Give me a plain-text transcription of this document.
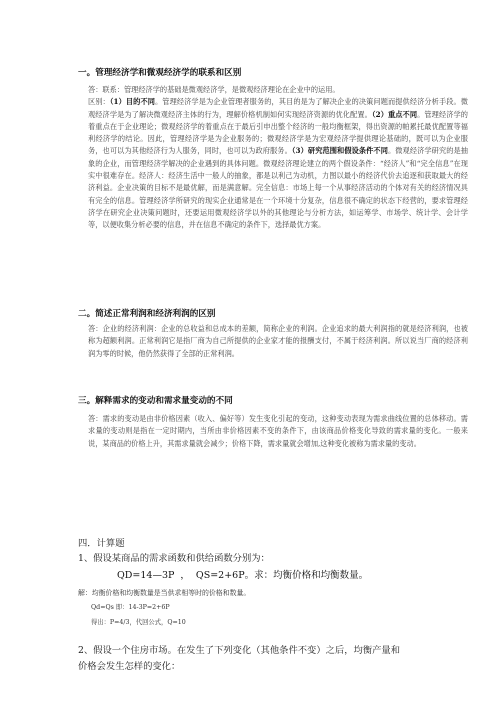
一。管理经济学和微观经济学的联系和区别
答：联系：管理经济学的基础是微观经济学，是微观经济理论在企业中的运用。
区别：（1）目的不同。管理经济学是为企业管理者服务的，其目的是为了解决企业的决策问题而提供经济分析手段。微观经济学是为了解决微观经济主体的行为，理解价格机制如何实现经济资源的优化配置。（2）重点不同。管理经济学的着重点在于企业理论；微观经济学的着重点在于最后引申出整个经济的一般均衡框架，得出资源的帕累托最优配置等福利经济学的结论。因此，管理经济学是为企业服务的；微观经济学是为宏观经济学提供理论基础的，既可以为企业服务，也可以为其他经济行为人服务，同时，也可以为政府服务。（3）研究范围和假设条件不同。微观经济学研究的是抽象的企业，而管理经济学解决的企业遇到的具体问题。微观经济理论建立的两个假设条件：“经济人”和“完全信息”在现实中很难存在。经济人：经济生活中一般人的抽象，都是以利己为动机，力图以最小的经济代价去追逐和获取最大的经济利益。企业决策的目标不是最优解，而是满意解。完全信息：市场上每一个从事经济活动的个体对有关的经济情况具有完全的信息。管理经济学所研究的现实企业通常是在一个环境十分复杂，信息很不确定的状态下经营的，要求管理经济学在研究企业决策问题时，还要运用微观经济学以外的其他理论与分析方法，如运筹学、市场学、统计学、会计学等，以便收集分析必要的信息，并在信息不确定的条件下，选择最优方案。
二。简述正常利润和经济利润的区别
答：企业的经济利润：企业的总收益和总成本的差额，简称企业的利润。企业追求的最大利润指的就是经济利润，也被称为超额利润。正常利润它是指厂商为自己所提供的企业家才能的报酬支付，不属于经济利润。所以说当厂商的经济利润为零的时候，他仍然获得了全部的正常利润。
三。解释需求的变动和需求量变动的不同
答：需求的变动是由非价格因素（收入、偏好等）发生变化引起的变动，这种变动表现为需求曲线位置的总体移动。需求量的变动则是指在一定时期内，当所由非价格因素不变的条件下，由该商品价格变化导致的需求量的变化。一般来说，某商品的价格上升，其需求量就会减少；价格下降，需求量就会增加,这种变化被称为需求量的变动。
四．计算题
1、假设某商品的需求函数和供给函数分别为：
QD=14—3P ， QS=2+6P。求：均衡价格和均衡数量。
解：均衡价格和均衡数量是当供求相等时的价格和数量。
Qd=Qs 即：14-3P=2+6P
得出：P=4/3，代回公式，Q=10
2、假设一个住房市场。在发生了下列变化（其他条件不变）之后，均衡产量和
价格会发生怎样的变化：
